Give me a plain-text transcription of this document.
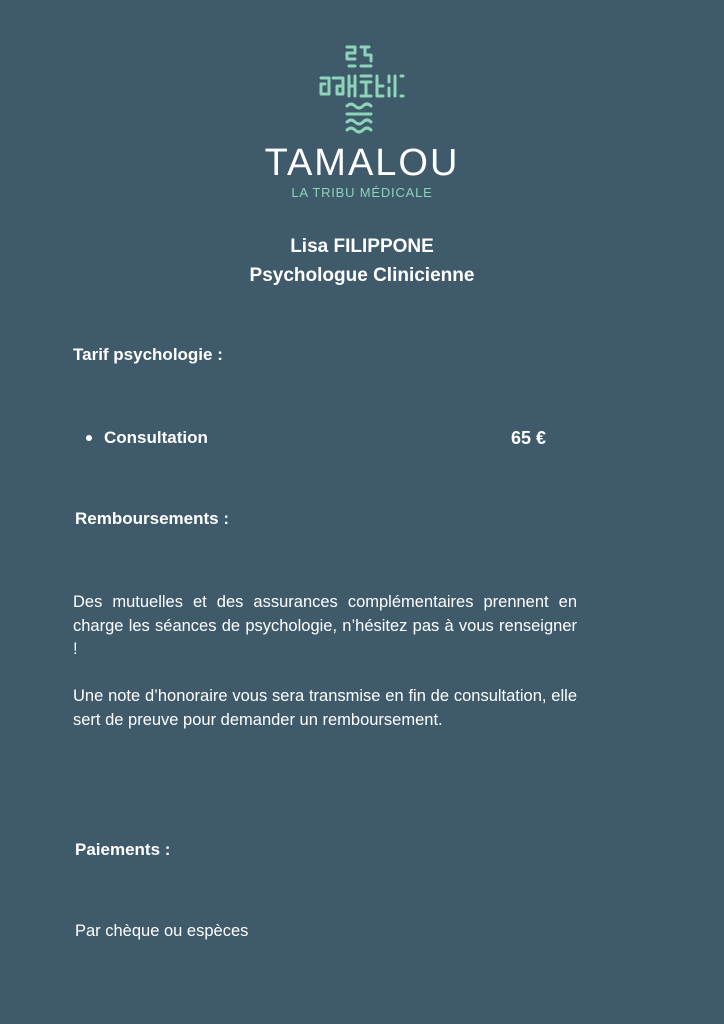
TAMALOU
LA TRIBU MÉDICALE
Lisa FILIPPONE
Psychologue Clinicienne
Tarif psychologie :
Consultation	65 €
Remboursements :

Des mutuelles et des assurances complémentaires prennent en charge les séances de psychologie, n’hésitez pas à vous renseigner !

Une note d’honoraire vous sera transmise en fin de consultation, elle sert de preuve pour demander un remboursement.

Paiements :
Par chèque ou espèces
